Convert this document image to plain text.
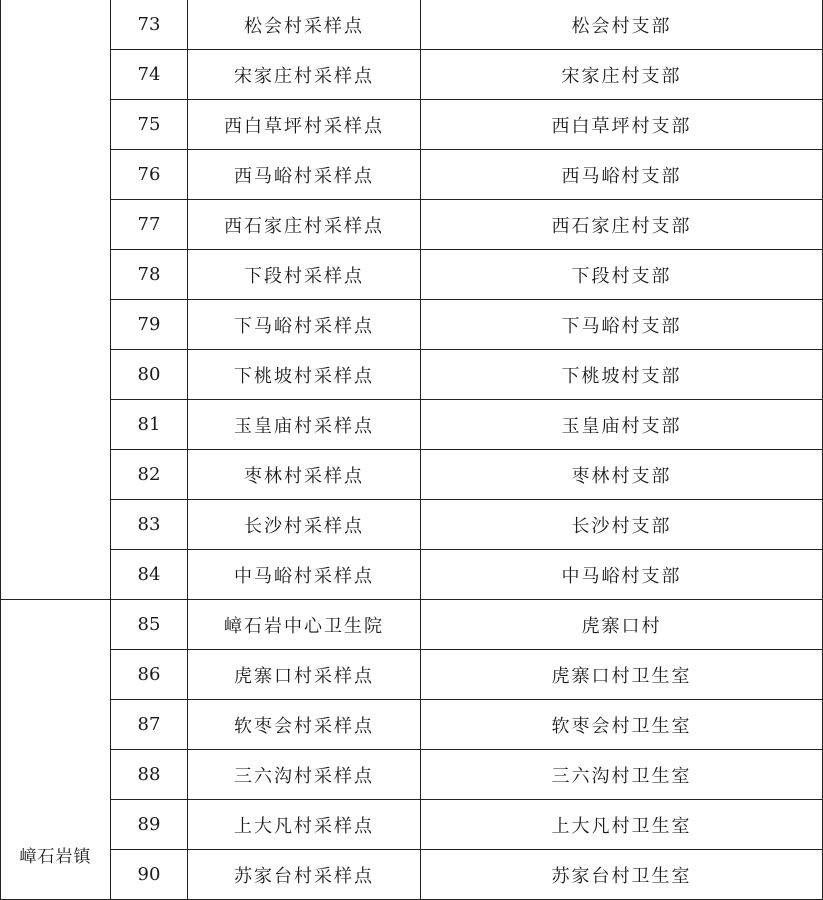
	73	松会村采样点	松会村支部
	74	宋家庄村采样点	宋家庄村支部
	75	西白草坪村采样点	西白草坪村支部
	76	西马峪村采样点	西马峪村支部
	77	西石家庄村采样点	西石家庄村支部
	78	下段村采样点	下段村支部
	79	下马峪村采样点	下马峪村支部
	80	下桃坡村采样点	下桃坡村支部
	81	玉皇庙村采样点	玉皇庙村支部
	82	枣林村采样点	枣林村支部
	83	长沙村采样点	长沙村支部
	84	中马峪村采样点	中马峪村支部
嶂石岩镇	85	嶂石岩中心卫生院	虎寨口村
	86	虎寨口村采样点	虎寨口村卫生室
	87	软枣会村采样点	软枣会村卫生室
	88	三六沟村采样点	三六沟村卫生室
	89	上大凡村采样点	上大凡村卫生室
	90	苏家台村采样点	苏家台村卫生室
